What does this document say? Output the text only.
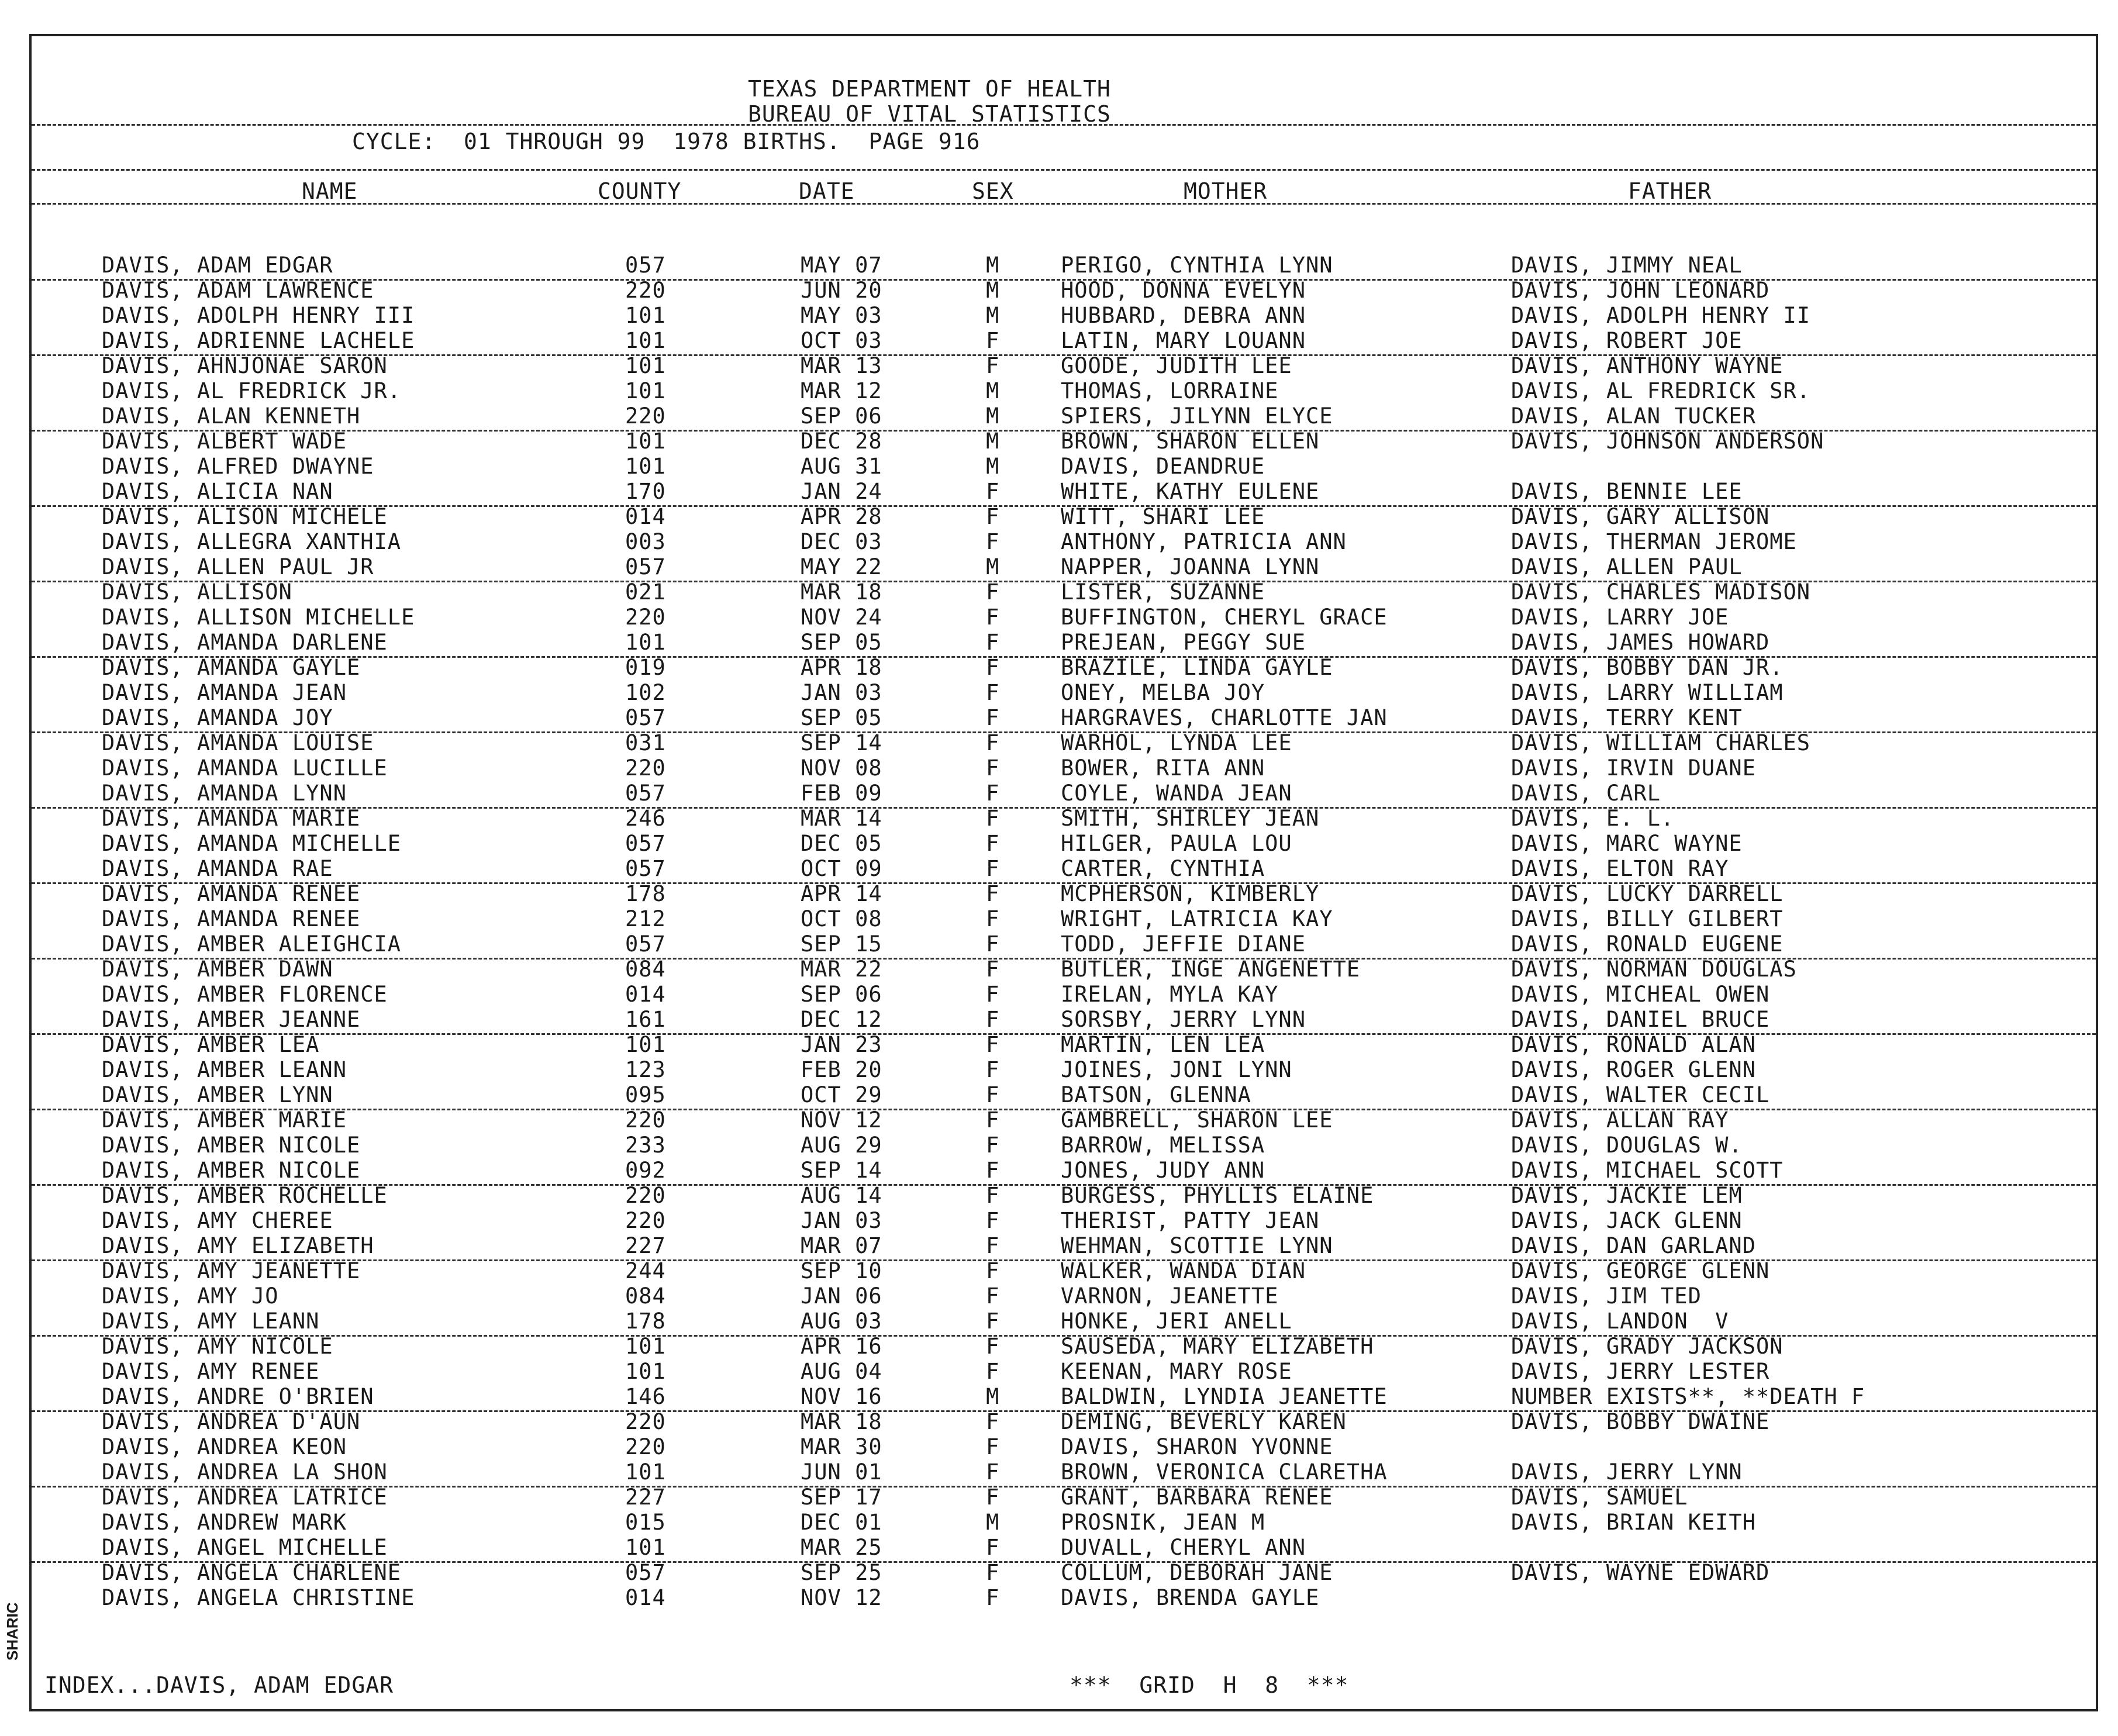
TEXAS DEPARTMENT OF HEALTH
BUREAU OF VITAL STATISTICS
CYCLE:  01 THROUGH 99  1978 BIRTHS.  PAGE 916
NAME	COUNTY	DATE	SEX	MOTHER	FATHER
DAVIS, ADAM EDGAR	057	MAY 07	M	PERIGO, CYNTHIA LYNN	DAVIS, JIMMY NEAL
DAVIS, ADAM LAWRENCE	220	JUN 20	M	HOOD, DONNA EVELYN	DAVIS, JOHN LEONARD
DAVIS, ADOLPH HENRY III	101	MAY 03	M	HUBBARD, DEBRA ANN	DAVIS, ADOLPH HENRY II
DAVIS, ADRIENNE LACHELE	101	OCT 03	F	LATIN, MARY LOUANN	DAVIS, ROBERT JOE
DAVIS, AHNJONAE SARON	101	MAR 13	F	GOODE, JUDITH LEE	DAVIS, ANTHONY WAYNE
DAVIS, AL FREDRICK JR.	101	MAR 12	M	THOMAS, LORRAINE	DAVIS, AL FREDRICK SR.
DAVIS, ALAN KENNETH	220	SEP 06	M	SPIERS, JILYNN ELYCE	DAVIS, ALAN TUCKER
DAVIS, ALBERT WADE	101	DEC 28	M	BROWN, SHARON ELLEN	DAVIS, JOHNSON ANDERSON
DAVIS, ALFRED DWAYNE	101	AUG 31	M	DAVIS, DEANDRUE
DAVIS, ALICIA NAN	170	JAN 24	F	WHITE, KATHY EULENE	DAVIS, BENNIE LEE
DAVIS, ALISON MICHELE	014	APR 28	F	WITT, SHARI LEE	DAVIS, GARY ALLISON
DAVIS, ALLEGRA XANTHIA	003	DEC 03	F	ANTHONY, PATRICIA ANN	DAVIS, THERMAN JEROME
DAVIS, ALLEN PAUL JR	057	MAY 22	M	NAPPER, JOANNA LYNN	DAVIS, ALLEN PAUL
DAVIS, ALLISON	021	MAR 18	F	LISTER, SUZANNE	DAVIS, CHARLES MADISON
DAVIS, ALLISON MICHELLE	220	NOV 24	F	BUFFINGTON, CHERYL GRACE	DAVIS, LARRY JOE
DAVIS, AMANDA DARLENE	101	SEP 05	F	PREJEAN, PEGGY SUE	DAVIS, JAMES HOWARD
DAVIS, AMANDA GAYLE	019	APR 18	F	BRAZILE, LINDA GAYLE	DAVIS, BOBBY DAN JR.
DAVIS, AMANDA JEAN	102	JAN 03	F	ONEY, MELBA JOY	DAVIS, LARRY WILLIAM
DAVIS, AMANDA JOY	057	SEP 05	F	HARGRAVES, CHARLOTTE JAN	DAVIS, TERRY KENT
DAVIS, AMANDA LOUISE	031	SEP 14	F	WARHOL, LYNDA LEE	DAVIS, WILLIAM CHARLES
DAVIS, AMANDA LUCILLE	220	NOV 08	F	BOWER, RITA ANN	DAVIS, IRVIN DUANE
DAVIS, AMANDA LYNN	057	FEB 09	F	COYLE, WANDA JEAN	DAVIS, CARL
DAVIS, AMANDA MARIE	246	MAR 14	F	SMITH, SHIRLEY JEAN	DAVIS, E. L.
DAVIS, AMANDA MICHELLE	057	DEC 05	F	HILGER, PAULA LOU	DAVIS, MARC WAYNE
DAVIS, AMANDA RAE	057	OCT 09	F	CARTER, CYNTHIA	DAVIS, ELTON RAY
DAVIS, AMANDA RENEE	178	APR 14	F	MCPHERSON, KIMBERLY	DAVIS, LUCKY DARRELL
DAVIS, AMANDA RENEE	212	OCT 08	F	WRIGHT, LATRICIA KAY	DAVIS, BILLY GILBERT
DAVIS, AMBER ALEIGHCIA	057	SEP 15	F	TODD, JEFFIE DIANE	DAVIS, RONALD EUGENE
DAVIS, AMBER DAWN	084	MAR 22	F	BUTLER, INGE ANGENETTE	DAVIS, NORMAN DOUGLAS
DAVIS, AMBER FLORENCE	014	SEP 06	F	IRELAN, MYLA KAY	DAVIS, MICHEAL OWEN
DAVIS, AMBER JEANNE	161	DEC 12	F	SORSBY, JERRY LYNN	DAVIS, DANIEL BRUCE
DAVIS, AMBER LEA	101	JAN 23	F	MARTIN, LEN LEA	DAVIS, RONALD ALAN
DAVIS, AMBER LEANN	123	FEB 20	F	JOINES, JONI LYNN	DAVIS, ROGER GLENN
DAVIS, AMBER LYNN	095	OCT 29	F	BATSON, GLENNA	DAVIS, WALTER CECIL
DAVIS, AMBER MARIE	220	NOV 12	F	GAMBRELL, SHARON LEE	DAVIS, ALLAN RAY
DAVIS, AMBER NICOLE	233	AUG 29	F	BARROW, MELISSA	DAVIS, DOUGLAS W.
DAVIS, AMBER NICOLE	092	SEP 14	F	JONES, JUDY ANN	DAVIS, MICHAEL SCOTT
DAVIS, AMBER ROCHELLE	220	AUG 14	F	BURGESS, PHYLLIS ELAINE	DAVIS, JACKIE LEM
DAVIS, AMY CHEREE	220	JAN 03	F	THERIST, PATTY JEAN	DAVIS, JACK GLENN
DAVIS, AMY ELIZABETH	227	MAR 07	F	WEHMAN, SCOTTIE LYNN	DAVIS, DAN GARLAND
DAVIS, AMY JEANETTE	244	SEP 10	F	WALKER, WANDA DIAN	DAVIS, GEORGE GLENN
DAVIS, AMY JO	084	JAN 06	F	VARNON, JEANETTE	DAVIS, JIM TED
DAVIS, AMY LEANN	178	AUG 03	F	HONKE, JERI ANELL	DAVIS, LANDON  V
DAVIS, AMY NICOLE	101	APR 16	F	SAUSEDA, MARY ELIZABETH	DAVIS, GRADY JACKSON
DAVIS, AMY RENEE	101	AUG 04	F	KEENAN, MARY ROSE	DAVIS, JERRY LESTER
DAVIS, ANDRE O'BRIEN	146	NOV 16	M	BALDWIN, LYNDIA JEANETTE	NUMBER EXISTS**, **DEATH F
DAVIS, ANDREA D'AUN	220	MAR 18	F	DEMING, BEVERLY KAREN	DAVIS, BOBBY DWAINE
DAVIS, ANDREA KEON	220	MAR 30	F	DAVIS, SHARON YVONNE
DAVIS, ANDREA LA SHON	101	JUN 01	F	BROWN, VERONICA CLARETHA	DAVIS, JERRY LYNN
DAVIS, ANDREA LATRICE	227	SEP 17	F	GRANT, BARBARA RENEE	DAVIS, SAMUEL
DAVIS, ANDREW MARK	015	DEC 01	M	PROSNIK, JEAN M	DAVIS, BRIAN KEITH
DAVIS, ANGEL MICHELLE	101	MAR 25	F	DUVALL, CHERYL ANN
DAVIS, ANGELA CHARLENE	057	SEP 25	F	COLLUM, DEBORAH JANE	DAVIS, WAYNE EDWARD
DAVIS, ANGELA CHRISTINE	014	NOV 12	F	DAVIS, BRENDA GAYLE
INDEX...DAVIS, ADAM EDGAR	***  GRID  H  8  ***
SHARIC
